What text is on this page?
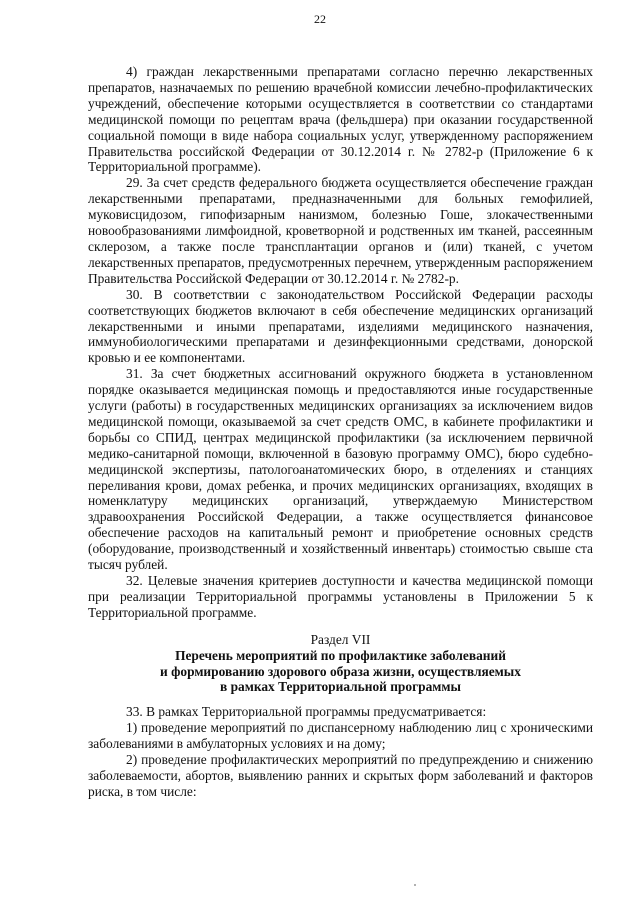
22

4) граждан лекарственными препаратами согласно перечню лекарственных препаратов, назначаемых по решению врачебной комиссии лечебно-профилактических учреждений, обеспечение которыми осуществляется в соответствии со стандартами медицинской помощи по рецептам врача (фельдшера) при оказании государственной социальной помощи в виде набора социальных услуг, утвержденному распоряжением Правительства российской Федерации от 30.12.2014 г. № 2782-р (Приложение 6 к Территориальной программе).

29. За счет средств федерального бюджета осуществляется обеспечение граждан лекарственными препаратами, предназначенными для больных гемофилией, муковисцидозом, гипофизарным нанизмом, болезнью Гоше, злокачественными новообразованиями лимфоидной, кроветворной и родственных им тканей, рассеянным склерозом, а также после трансплантации органов и (или) тканей, с учетом лекарственных препаратов, предусмотренных перечнем, утвержденным распоряжением Правительства Российской Федерации от 30.12.2014 г. № 2782-р.

30. В соответствии с законодательством Российской Федерации расходы соответствующих бюджетов включают в себя обеспечение медицинских организаций лекарственными и иными препаратами, изделиями медицинского назначения, иммунобиологическими препаратами и дезинфекционными средствами, донорской кровью и ее компонентами.

31. За счет бюджетных ассигнований окружного бюджета в установленном порядке оказывается медицинская помощь и предоставляются иные государственные услуги (работы) в государственных медицинских организациях за исключением видов медицинской помощи, оказываемой за счет средств ОМС, в кабинете профилактики и борьбы со СПИД, центрах медицинской профилактики (за исключением первичной медико-санитарной помощи, включенной в базовую программу ОМС), бюро судебно-медицинской экспертизы, патологоанатомических бюро, в отделениях и станциях переливания крови, домах ребенка, и прочих медицинских организациях, входящих в номенклатуру медицинских организаций, утверждаемую Министерством здравоохранения Российской Федерации, а также осуществляется финансовое обеспечение расходов на капитальный ремонт и приобретение основных средств (оборудование, производственный и хозяйственный инвентарь) стоимостью свыше ста тысяч рублей.

32. Целевые значения критериев доступности и качества медицинской помощи при реализации Территориальной программы установлены в Приложении 5 к Территориальной программе.

Раздел VII

Перечень мероприятий по профилактике заболеваний

и формированию здорового образа жизни, осуществляемых

в рамках Территориальной программы

33. В рамках Территориальной программы предусматривается:

1) проведение мероприятий по диспансерному наблюдению лиц с хроническими заболеваниями в амбулаторных условиях и на дому;

2) проведение профилактических мероприятий по предупреждению и снижению заболеваемости, абортов, выявлению ранних и скрытых форм заболеваний и факторов риска, в том числе:
